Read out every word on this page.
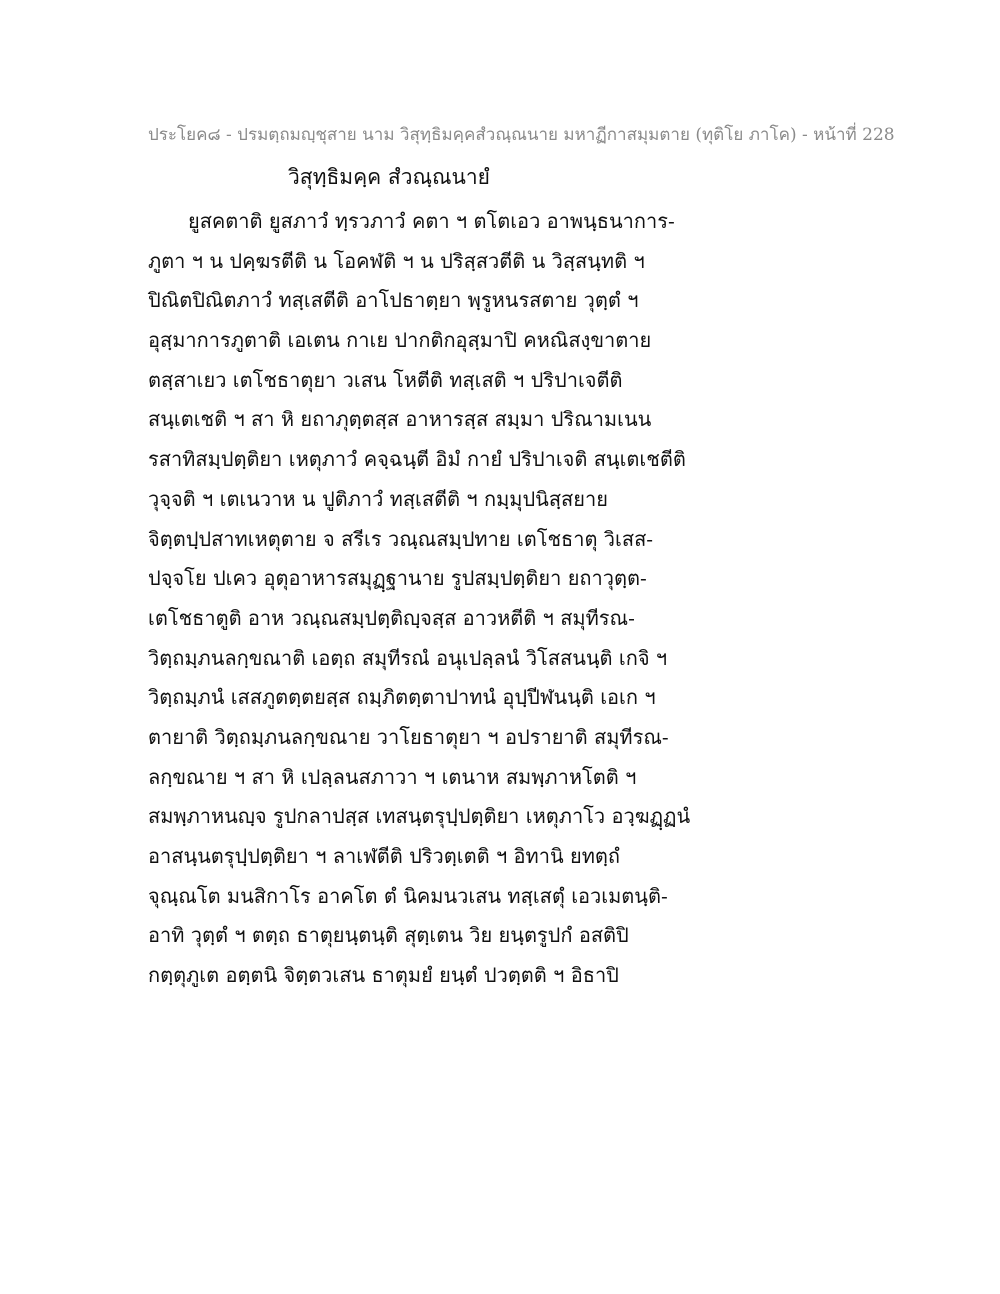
ประโยค๘ - ปรมตฺถมญฺชุสาย นาม วิสุทฺธิมคฺคสํวณฺณนาย มหาฏีกาสมุมตาย (ทุติโย ภาโค) - หน้าที่ 228
วิสุทฺธิมคฺค สํวณฺณนายํ
ยูสคตาติ ยูสภาวํ ทฺรวภาวํ คตา ฯ ตโตเอว อาพนฺธนาการ-
ภูตา ฯ น ปคฺฆรตีติ น โอคฬติ ฯ น ปริสฺสวตีติ น วิสฺสนฺทติ ฯ
ปิณิตปิณิตภาวํ ทสฺเสตีติ อาโปธาตฺยา พฺรูหนรสตาย วุตฺตํ ฯ
อุสฺมาการภูตาติ เอเตน กาเย ปากติกอุสฺมาปิ คหณิสงฺขาตาย
ตสฺสาเยว เตโชธาตุยา วเสน โหตีติ ทสฺเสติ ฯ ปริปาเจตีติ
สนฺเตเชติ ฯ สา หิ ยถาภุตฺตสฺส อาหารสฺส สมฺมา ปริณามเนน
รสาทิสมฺปตฺติยา เหตุภาวํ คจฺฉนฺตี อิมํ กายํ ปริปาเจติ สนฺเตเชตีติ
วุจฺจติ ฯ เตเนวาห น ปูติภาวํ ทสฺเสตีติ ฯ กมฺมุปนิสฺสยาย
จิตฺตปฺปสาทเหตุตาย จ สรีเร วณฺณสมฺปทาย เตโชธาตุ วิเสส-
ปจฺจโย ปเคว อุตุอาหารสมุฏฺฐานาย รูปสมฺปตฺติยา ยถาวุตฺต-
เตโชธาตูติ อาห วณฺณสมฺปตฺติญฺจสฺส อาวหตีติ ฯ สมุทีรณ-
วิตฺถมฺภนลกฺขณาติ เอตฺถ สมุทีรณํ อนุเปลฺลนํ วิโสสนนฺติ เกจิ ฯ
วิตฺถมฺภนํ เสสภูตตฺตยสฺส ถมฺภิตตฺตาปาทนํ อุปฺปีฬนนฺติ เอเก ฯ
ตายาติ วิตฺถมฺภนลกฺขณาย วาโยธาตุยา ฯ อปรายาติ สมุทีรณ-
ลกฺขณาย ฯ สา หิ เปลฺลนสภาวา ฯ เตนาห สมพฺภาหโตติ ฯ
สมพฺภาหนญฺจ รูปกลาปสฺส เทสนฺตรุปฺปตฺติยา เหตุภาโว อวฺฆฏฺฏนํ
อาสนฺนตรุปฺปตฺติยา ฯ ลาเฬตีติ ปริวตฺเตติ ฯ อิทานิ ยทตฺถํ
จุณฺณโต มนสิกาโร อาคโต ตํ นิคมนวเสน ทสฺเสตุํ เอวเมตนฺติ-
อาทิ วุตฺตํ ฯ ตตฺถ ธาตุยนฺตนฺติ สุตฺเตน วิย ยนฺตรูปกํ อสติปิ
กตฺตุภูเต อตฺตนิ จิตฺตวเสน ธาตุมยํ ยนฺตํ ปวตฺตติ ฯ อิธาปิ
